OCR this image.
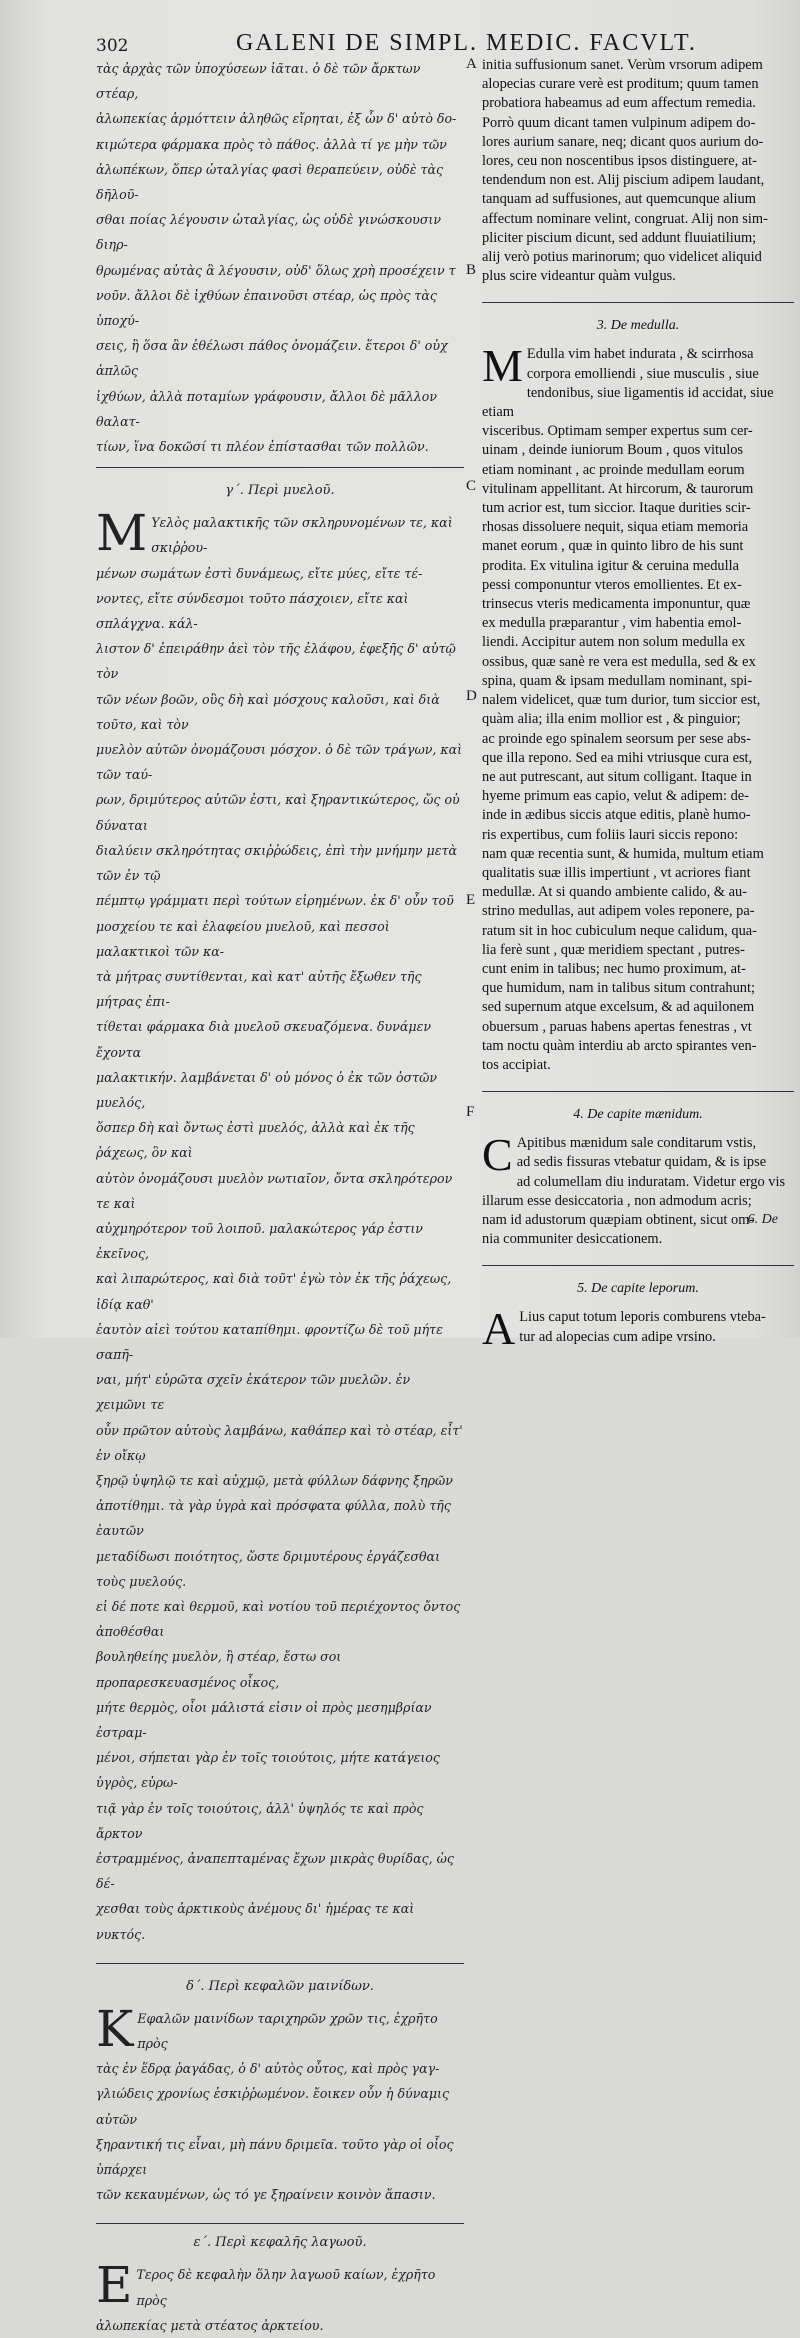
302	GALENI DE SIMPL. MEDIC. FACVLT.
τὰς ἀρχὰς τῶν ὑποχύσεων ἰᾶται. ὁ δὲ τῶν ἄρκτων στέαρ,
ἀλωπεκίας ἁρμόττειν ἀληθῶς εἴρηται, ἐξ ὧν δ' αὐτὸ δο-
κιμώτερα φάρμακα πρὸς τὸ πάθος. ἀλλὰ τί γε μὴν τῶν
ἀλωπέκων, ὅπερ ὠταλγίας φασὶ θεραπεύειν, οὐδὲ τὰς δῆλοῦ-
σθαι ποίας λέγουσιν ὠταλγίας, ὡς οὐδὲ γινώσκουσιν διηρ-
θρωμένας αὐτὰς ἃ λέγουσιν, οὐδ' ὅλως χρὴ προσέχειν τ
νοῦν. ἄλλοι δὲ ἰχθύων ἐπαινοῦσι στέαρ, ὡς πρὸς τὰς ὑποχύ-
σεις, ἢ ὅσα ἂν ἐθέλωσι πάθος ὀνομάζειν. ἕτεροι δ' οὐχ ἁπλῶς
ἰχθύων, ἀλλὰ ποταμίων γράφουσιν, ἄλλοι δὲ μᾶλλον θαλατ-
τίων, ἵνα δοκῶσί τι πλέον ἐπίστασθαι τῶν πολλῶν.

γ΄. Περὶ μυελοῦ.

M Υελὸς μαλακτικῆς τῶν σκληρυνομένων τε, καὶ σκιῤῥου-
μένων σωμάτων ἐστὶ δυνάμεως, εἴτε μύες, εἴτε τέ-
νοντες, εἴτε σύνδεσμοι τοῦτο πάσχοιεν, εἴτε καὶ σπλάγχνα. κάλ-
λιστον δ' ἐπειράθην ἀεὶ τὸν τῆς ἐλάφου, ἐφεξῆς δ' αὐτῷ τὸν
τῶν νέων βοῶν, οὓς δὴ καὶ μόσχους καλοῦσι, καὶ διὰ τοῦτο, καὶ τὸν
μυελὸν αὐτῶν ὀνομάζουσι μόσχον. ὁ δὲ τῶν τράγων, καὶ τῶν ταύ-
ρων, δριμύτερος αὐτῶν ἐστι, καὶ ξηραντικώτερος, ὥς οὐ δύναται
διαλύειν σκληρότητας σκιῤῥώδεις, ἐπὶ τὴν μνήμην μετὰ τῶν ἐν τῷ
πέμπτῳ γράμματι περὶ τούτων εἰρημένων. ἐκ δ' οὖν τοῦ
μοσχείου τε καὶ ἐλαφείου μυελοῦ, καὶ πεσσοὶ μαλακτικοὶ τῶν κα-
τὰ μήτρας συντίθενται, καὶ κατ' αὐτῆς ἔξωθεν τῆς μήτρας ἐπι-
τίθεται φάρμακα διὰ μυελοῦ σκευαζόμενα. δυνάμεν ἔχοντα
μαλακτικήν. λαμβάνεται δ' οὐ μόνος ὁ ἐκ τῶν ὀστῶν μυελός,
ὅσπερ δὴ καὶ ὄντως ἐστὶ μυελός, ἀλλὰ καὶ ἐκ τῆς ῥάχεως, ὃν καὶ
αὐτὸν ὀνομάζουσι μυελὸν νωτιαῖον, ὄντα σκληρότερον τε καὶ
αὐχμηρότερον τοῦ λοιποῦ. μαλακώτερος γάρ ἐστιν ἐκεῖνος,
καὶ λιπαρώτερος, καὶ διὰ τοῦτ' ἐγὼ τὸν ἐκ τῆς ῥάχεως, ἰδίᾳ καθ'
ἑαυτὸν αἰεὶ τούτου καταπίθημι. φροντίζω δὲ τοῦ μήτε σαπῆ-
ναι, μήτ' εὐρῶτα σχεῖν ἑκάτερον τῶν μυελῶν. ἐν χειμῶνι τε
οὖν πρῶτον αὐτοὺς λαμβάνω, καθάπερ καὶ τὸ στέαρ, εἶτ' ἐν οἴκῳ
ξηρῷ ὑψηλῷ τε καὶ αὐχμῷ, μετὰ φύλλων δάφνης ξηρῶν
ἀποτίθημι. τὰ γὰρ ὑγρὰ καὶ πρόσφατα φύλλα, πολὺ τῆς ἑαυτῶν
μεταδίδωσι ποιότητος, ὥστε δριμυτέρους ἐργάζεσθαι τοὺς μυελούς.
εἰ δέ ποτε καὶ θερμοῦ, καὶ νοτίου τοῦ περιέχοντος ὄντος ἀποθέσθαι
βουληθείης μυελὸν, ἢ στέαρ, ἔστω σοι προπαρεσκευασμένος οἶκος,
μήτε θερμὸς, οἷοι μάλιστά εἰσιν οἱ πρὸς μεσημβρίαν ἐστραμ-
μένοι, σήπεται γὰρ ἐν τοῖς τοιούτοις, μήτε κατάγειος ὑγρὸς, εὐρω-
τιᾷ γὰρ ἐν τοῖς τοιούτοις, ἀλλ' ὑψηλός τε καὶ πρὸς ἄρκτον
ἐστραμμένος, ἀναπεπταμένας ἔχων μικρὰς θυρίδας, ὡς δέ-
χεσθαι τοὺς ἀρκτικοὺς ἀνέμους δι' ἡμέρας τε καὶ νυκτός.

δ΄. Περὶ κεφαλῶν μαινίδων.

K Εφαλῶν μαινίδων ταριχηρῶν χρῶν τις, ἐχρῆτο πρὸς
τὰς ἐν ἕδρᾳ ῥαγάδας, ὁ δ' αὐτὸς οὗτος, καὶ πρὸς γαγ-
γλιώδεις χρονίως ἐσκιῤῥωμένον. ἔοικεν οὖν ἡ δύναμις αὐτῶν
ξηραντική τις εἶναι, μὴ πάνυ δριμεῖα. τοῦτο γὰρ οἱ οἷος ὑπάρχει
τῶν κεκαυμένων, ὡς τό γε ξηραίνειν κοινὸν ἅπασιν.

ε΄. Περὶ κεφαλῆς λαγωοῦ.

E Τερος δὲ κεφαλὴν ὅλην λαγωοῦ καίων, ἐχρῆτο πρὸς
ἀλωπεκίας μετὰ στέατος ἀρκτείου.
initia suffusionum sanet. Verùm vrsorum adipem
alopecias curare verè est proditum; quum tamen
probatiora habeamus ad eum affectum remedia.
Porrò quum dicant tamen vulpinum adipem do-
lores aurium sanare, neq; dicant quos aurium do-
lores, ceu non noscentibus ipsos distinguere, at-
tendendum non est. Alij piscium adipem laudant,
tanquam ad suffusiones, aut quemcunque alium
affectum nominare velint, congruat. Alij non sim-
pliciter piscium dicunt, sed addunt fluuiatilium;
alij verò potius marinorum; quo videlicet aliquid
plus scire videantur quàm vulgus.

3. De medulla.

M Edulla vim habet indurata , & scirrhosa
corpora emolliendi , siue musculis , siue
tendonibus, siue ligamentis id accidat, siue etiam
visceribus. Optimam semper expertus sum cer-
uinam , deinde iuniorum Boum , quos vitulos
etiam nominant , ac proinde medullam eorum
vitulinam appellitant. At hircorum, & taurorum
tum acrior est, tum siccior. Itaque durities scir-
rhosas dissoluere nequit, siqua etiam memoria
manet eorum , quæ in quinto libro de his sunt
prodita. Ex vitulina igitur & ceruina medulla
pessi componuntur vteros emollientes. Et ex-
trinsecus vteris medicamenta imponuntur, quæ
ex medulla præparantur , vim habentia emol-
liendi. Accipitur autem non solum medulla ex
ossibus, quæ sanè re vera est medulla, sed & ex
spina, quam & ipsam medullam nominant, spi-
nalem videlicet, quæ tum durior, tum siccior est,
quàm alia; illa enim mollior est , & pinguior;
ac proinde ego spinalem seorsum per sese abs-
que illa repono. Sed ea mihi vtriusque cura est,
ne aut putrescant, aut situm colligant. Itaque in
hyeme primum eas capio, velut & adipem: de-
inde in ædibus siccis atque editis, planè humo-
ris expertibus, cum foliis lauri siccis repono:
nam quæ recentia sunt, & humida, multum etiam
qualitatis suæ illis impertiunt , vt acriores fiant
medullæ. At si quando ambiente calido, & au-
strino medullas, aut adipem voles reponere, pa-
ratum sit in hoc cubiculum neque calidum, qua-
lia ferè sunt , quæ meridiem spectant , putres-
cunt enim in talibus; nec humo proximum, at-
que humidum, nam in talibus situm contrahunt;
sed supernum atque excelsum, & ad aquilonem
obuersum , paruas habens apertas fenestras , vt
tam noctu quàm interdiu ab arcto spirantes ven-
tos accipiat.

4. De capite mænidum.

C Apitibus mænidum sale conditarum vstis,
ad sedis fissuras vtebatur quidam, & is ipse
ad columellam diu induratam. Videtur ergo vis
illarum esse desiccatoria , non admodum acris;
nam id adustorum quæpiam obtinent, sicut om-
nia communiter desiccationem.

5. De capite leporum.

A Lius caput totum leporis comburens vteba-
tur ad alopecias cum adipe vrsino.
A
B
C
D
E
F
6. De
